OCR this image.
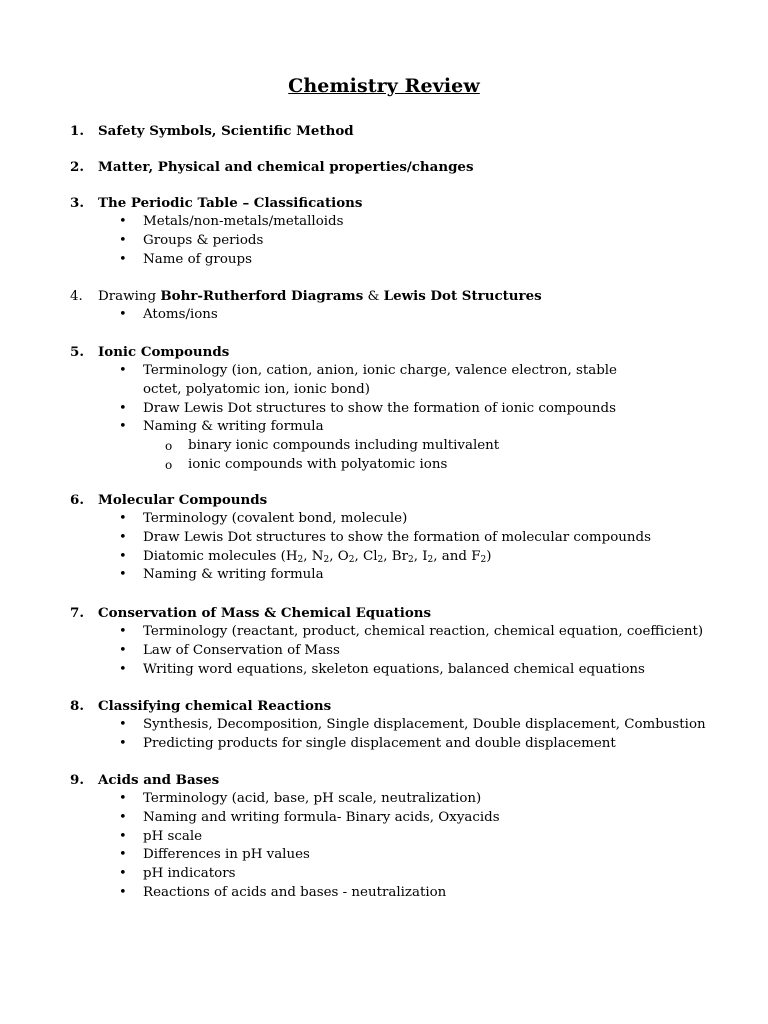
Chemistry Review
1. Safety Symbols, Scientific Method
2. Matter, Physical and chemical properties/changes
3. The Periodic Table – Classifications
• Metals/non-metals/metalloids
• Groups & periods
• Name of groups
4. Drawing Bohr-Rutherford Diagrams & Lewis Dot Structures
• Atoms/ions
5. Ionic Compounds
• Terminology (ion, cation, anion, ionic charge, valence electron, stable octet, polyatomic ion, ionic bond)
• Draw Lewis Dot structures to show the formation of ionic compounds
• Naming & writing formula
o binary ionic compounds including multivalent
o ionic compounds with polyatomic ions
6. Molecular Compounds
• Terminology (covalent bond, molecule)
• Draw Lewis Dot structures to show the formation of molecular compounds
• Diatomic molecules ($H_2$, $N_2$, $O_2$, $Cl_2$, $Br_2$, $I_2$, and $F_2$)
• Naming & writing formula
7. Conservation of Mass & Chemical Equations
• Terminology (reactant, product, chemical reaction, chemical equation, coefficient)
• Law of Conservation of Mass
• Writing word equations, skeleton equations, balanced chemical equations
8. Classifying chemical Reactions
• Synthesis, Decomposition, Single displacement, Double displacement, Combustion
• Predicting products for single displacement and double displacement
9. Acids and Bases
• Terminology (acid, base, pH scale, neutralization)
• Naming and writing formula- Binary acids, Oxyacids
• pH scale
• Differences in pH values
• pH indicators
• Reactions of acids and bases - neutralization
